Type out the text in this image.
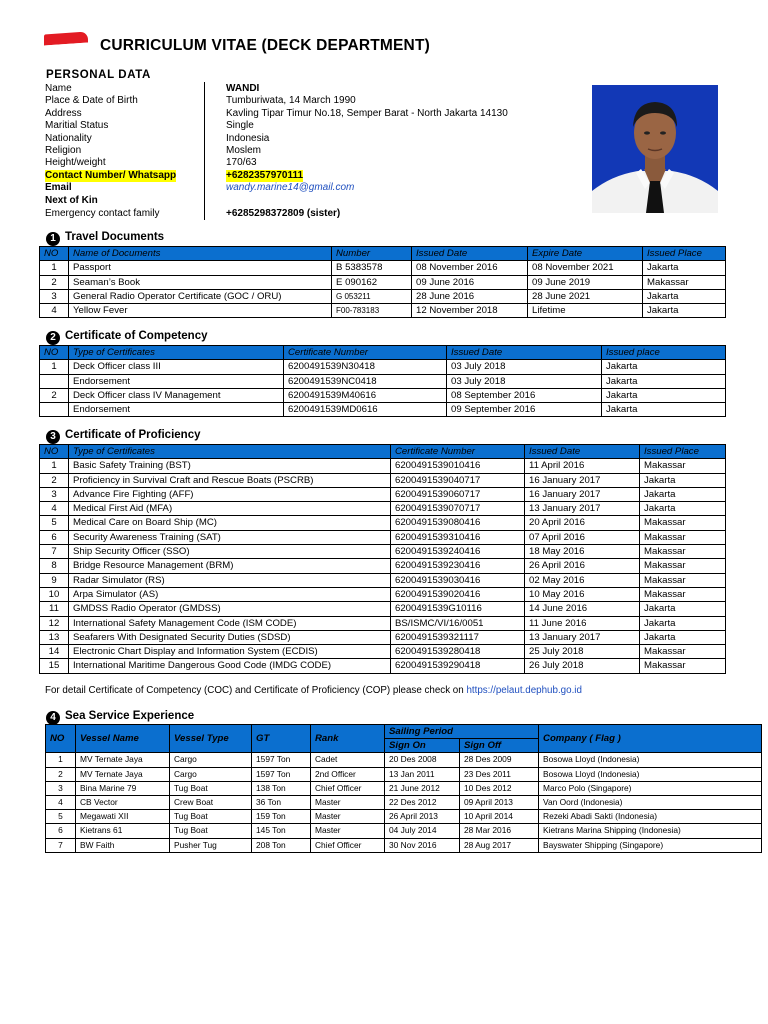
CURRICULUM VITAE (DECK DEPARTMENT)
PERSONAL DATA
Name	WANDI
Place & Date of Birth	Tumburiwata, 14 March 1990
Address	Kavling Tipar Timur No.18, Semper Barat - North Jakarta 14130
Maritial Status	Single
Nationality	Indonesia
Religion	Moslem
Height/weight	170/63
Contact Number/ Whatsapp	+6282357970111
Email	wandy.marine14@gmail.com
Next of Kin
Emergency contact family	+6285298372809 (sister)
1 Travel Documents
NO	Name of Documents	Number	Issued Date	Expire Date	Issued Place
1	Passport	B 5383578	08 November 2016	08 November 2021	Jakarta
2	Seaman’s Book	E 090162	09 June 2016	09 June 2019	Makassar
3	General Radio Operator Certificate (GOC / ORU)	G 053211	28 June 2016	28 June 2021	Jakarta
4	Yellow Fever	F00-783183	12 November 2018	Lifetime	Jakarta
2 Certificate of Competency
NO	Type of Certificates	Certificate Number	Issued Date	Issued place
1	Deck Officer class III	6200491539N30418	03 July 2018	Jakarta
	Endorsement	6200491539NC0418	03 July 2018	Jakarta
2	Deck Officer class IV Management	6200491539M40616	08 September 2016	Jakarta
	Endorsement	6200491539MD0616	09 September 2016	Jakarta
3 Certificate of Proficiency
NO	Type of Certificates	Certificate Number	Issued Date	Issued Place
1	Basic Safety Training (BST)	6200491539010416	11 April 2016	Makassar
2	Proficiency in Survival Craft and Rescue Boats (PSCRB)	6200491539040717	16 January 2017	Jakarta
3	Advance Fire Fighting (AFF)	6200491539060717	16 January 2017	Jakarta
4	Medical First Aid (MFA)	6200491539070717	13 January 2017	Jakarta
5	Medical Care on Board Ship (MC)	6200491539080416	20 April 2016	Makassar
6	Security Awareness Training (SAT)	6200491539310416	07 April 2016	Makassar
7	Ship Security Officer (SSO)	6200491539240416	18 May 2016	Makassar
8	Bridge Resource Management (BRM)	6200491539230416	26 April 2016	Makassar
9	Radar Simulator (RS)	6200491539030416	02 May 2016	Makassar
10	Arpa Simulator (AS)	6200491539020416	10 May 2016	Makassar
11	GMDSS Radio Operator (GMDSS)	6200491539G10116	14 June 2016	Jakarta
12	International Safety Management Code (ISM CODE)	BS/ISMC/VI/16/0051	11 June 2016	Jakarta
13	Seafarers With Designated Security Duties (SDSD)	6200491539321117	13 January 2017	Jakarta
14	Electronic Chart Display and Information System (ECDIS)	6200491539280418	25 July 2018	Makassar
15	International Maritime Dangerous Good Code (IMDG CODE)	6200491539290418	26 July 2018	Makassar
For detail Certificate of Competency (COC) and Certificate of Proficiency (COP) please check on https://pelaut.dephub.go.id
4 Sea Service Experience
NO	Vessel Name	Vessel Type	GT	Rank	Sailing Period		Company ( Flag )
					Sign On	Sign Off	
1	MV Ternate Jaya	Cargo	1597 Ton	Cadet	20 Des 2008	28 Des 2009	Bosowa Lloyd (Indonesia)
2	MV Ternate Jaya	Cargo	1597 Ton	2nd Officer	13 Jan 2011	23 Des 2011	Bosowa Lloyd (Indonesia)
3	Bina Marine 79	Tug Boat	138 Ton	Chief Officer	21 June 2012	10 Des 2012	Marco Polo (Singapore)
4	CB Vector	Crew Boat	36 Ton	Master	22 Des 2012	09 April 2013	Van Oord (Indonesia)
5	Megawati XII	Tug Boat	159 Ton	Master	26 April 2013	10 April 2014	Rezeki Abadi Sakti (Indonesia)
6	Kietrans 61	Tug Boat	145 Ton	Master	04 July 2014	28 Mar 2016	Kietrans Marina Shipping (Indonesia)
7	BW Faith	Pusher Tug	208 Ton	Chief Officer	30 Nov 2016	28 Aug 2017	Bayswater Shipping (Singapore)
